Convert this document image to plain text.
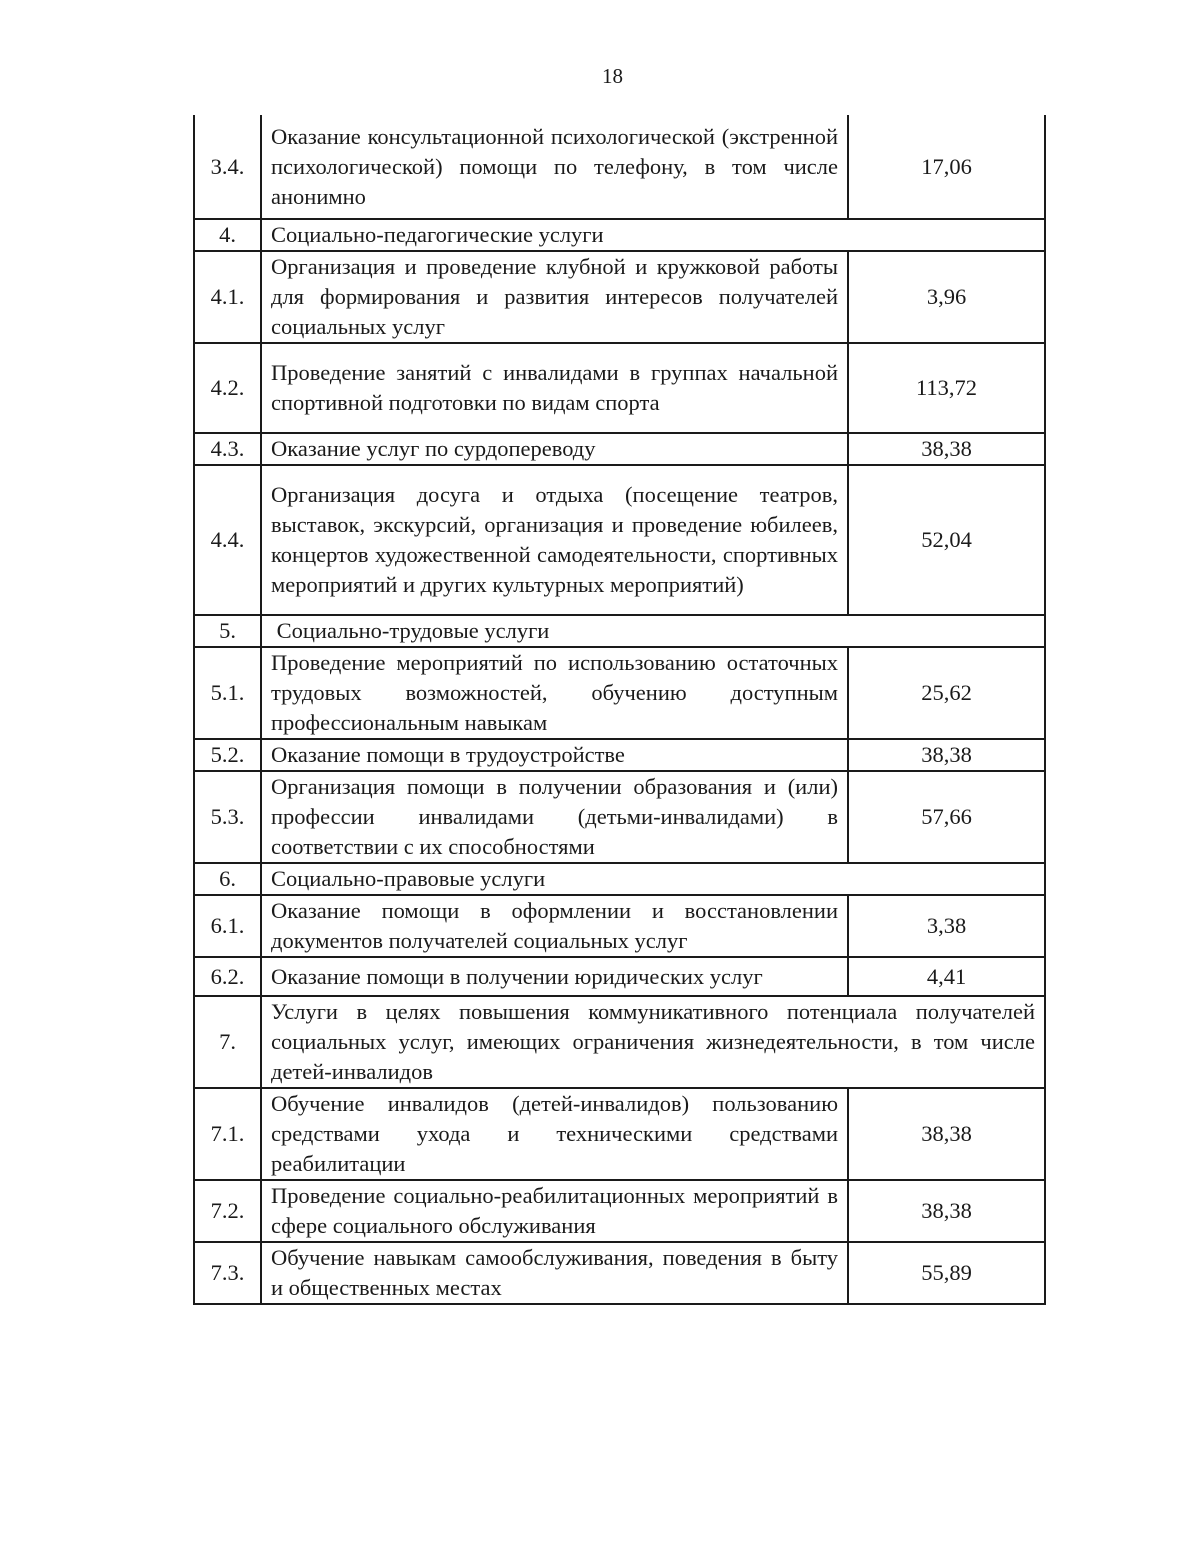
18
3.4.	Оказание консультационной психологической (экстренной психологической) помощи по телефону, в том числе анонимно	17,06
4.	Социально-педагогические услуги	
4.1.	Организация и проведение клубной и кружковой работы для формирования и развития интересов получателей социальных услуг	3,96
4.2.	Проведение занятий с инвалидами в группах начальной спортивной подготовки по видам спорта	113,72
4.3.	Оказание услуг по сурдопереводу	38,38
4.4.	Организация досуга и отдыха (посещение театров, выставок, экскурсий, организация и проведение юбилеев, концертов художественной самодеятельности, спортивных мероприятий и других культурных мероприятий)	52,04
5.	Социально-трудовые услуги	
5.1.	Проведение мероприятий по использованию остаточных трудовых возможностей, обучению доступным профессиональным навыкам	25,62
5.2.	Оказание помощи в трудоустройстве	38,38
5.3.	Организация помощи в получении образования и (или) профессии инвалидами (детьми-инвалидами) в соответствии с их способностями	57,66
6.	Социально-правовые услуги	
6.1.	Оказание помощи в оформлении и восстановлении документов получателей социальных услуг	3,38
6.2.	Оказание помощи в получении юридических услуг	4,41
7.	Услуги в целях повышения коммуникативного потенциала получателей социальных услуг, имеющих ограничения жизнедеятельности, в том числе детей-инвалидов	
7.1.	Обучение инвалидов (детей-инвалидов) пользованию средствами ухода и техническими средствами реабилитации	38,38
7.2.	Проведение социально-реабилитационных мероприятий в сфере социального обслуживания	38,38
7.3.	Обучение навыкам самообслуживания, поведения в быту и общественных местах	55,89
